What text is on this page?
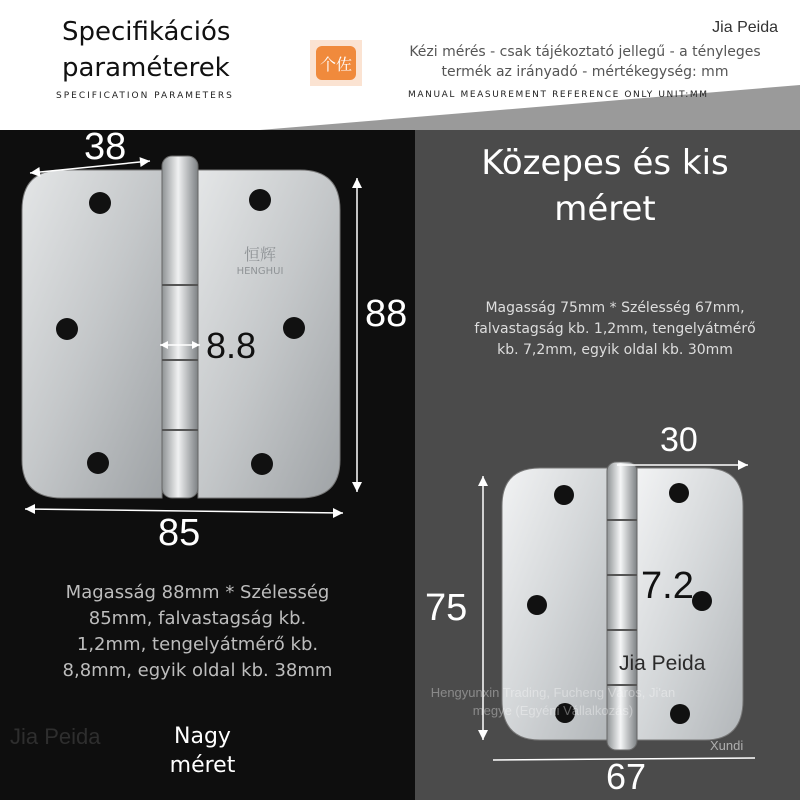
Specifikációs
paraméterek
SPECIFICATION PARAMETERS
个佐
Jia Peida
Kézi mérés - csak tájékoztató jellegű - a tényleges
termék az irányadó - mértékegység: mm
MANUAL MEASUREMENT REFERENCE ONLY UNIT:MM
恒辉
HENGHUI
38
8.8
88
85
Magasság 88mm * Szélesség
85mm, falvastagság kb.
1,2mm, tengelyátmérő kb.
8,8mm, egyik oldal kb. 38mm
Jia Peida	Nagy
méret
Közepes és kis
méret
Magasság 75mm * Szélesség 67mm,
falvastagság kb. 1,2mm, tengelyátmérő
kb. 7,2mm, egyik oldal kb. 30mm
30
7.2
75
67
Jia Peida
Hengyunxin Trading, Fucheng Város, Ji'an
megye (Egyéni Vállalkozás)
Xundi
